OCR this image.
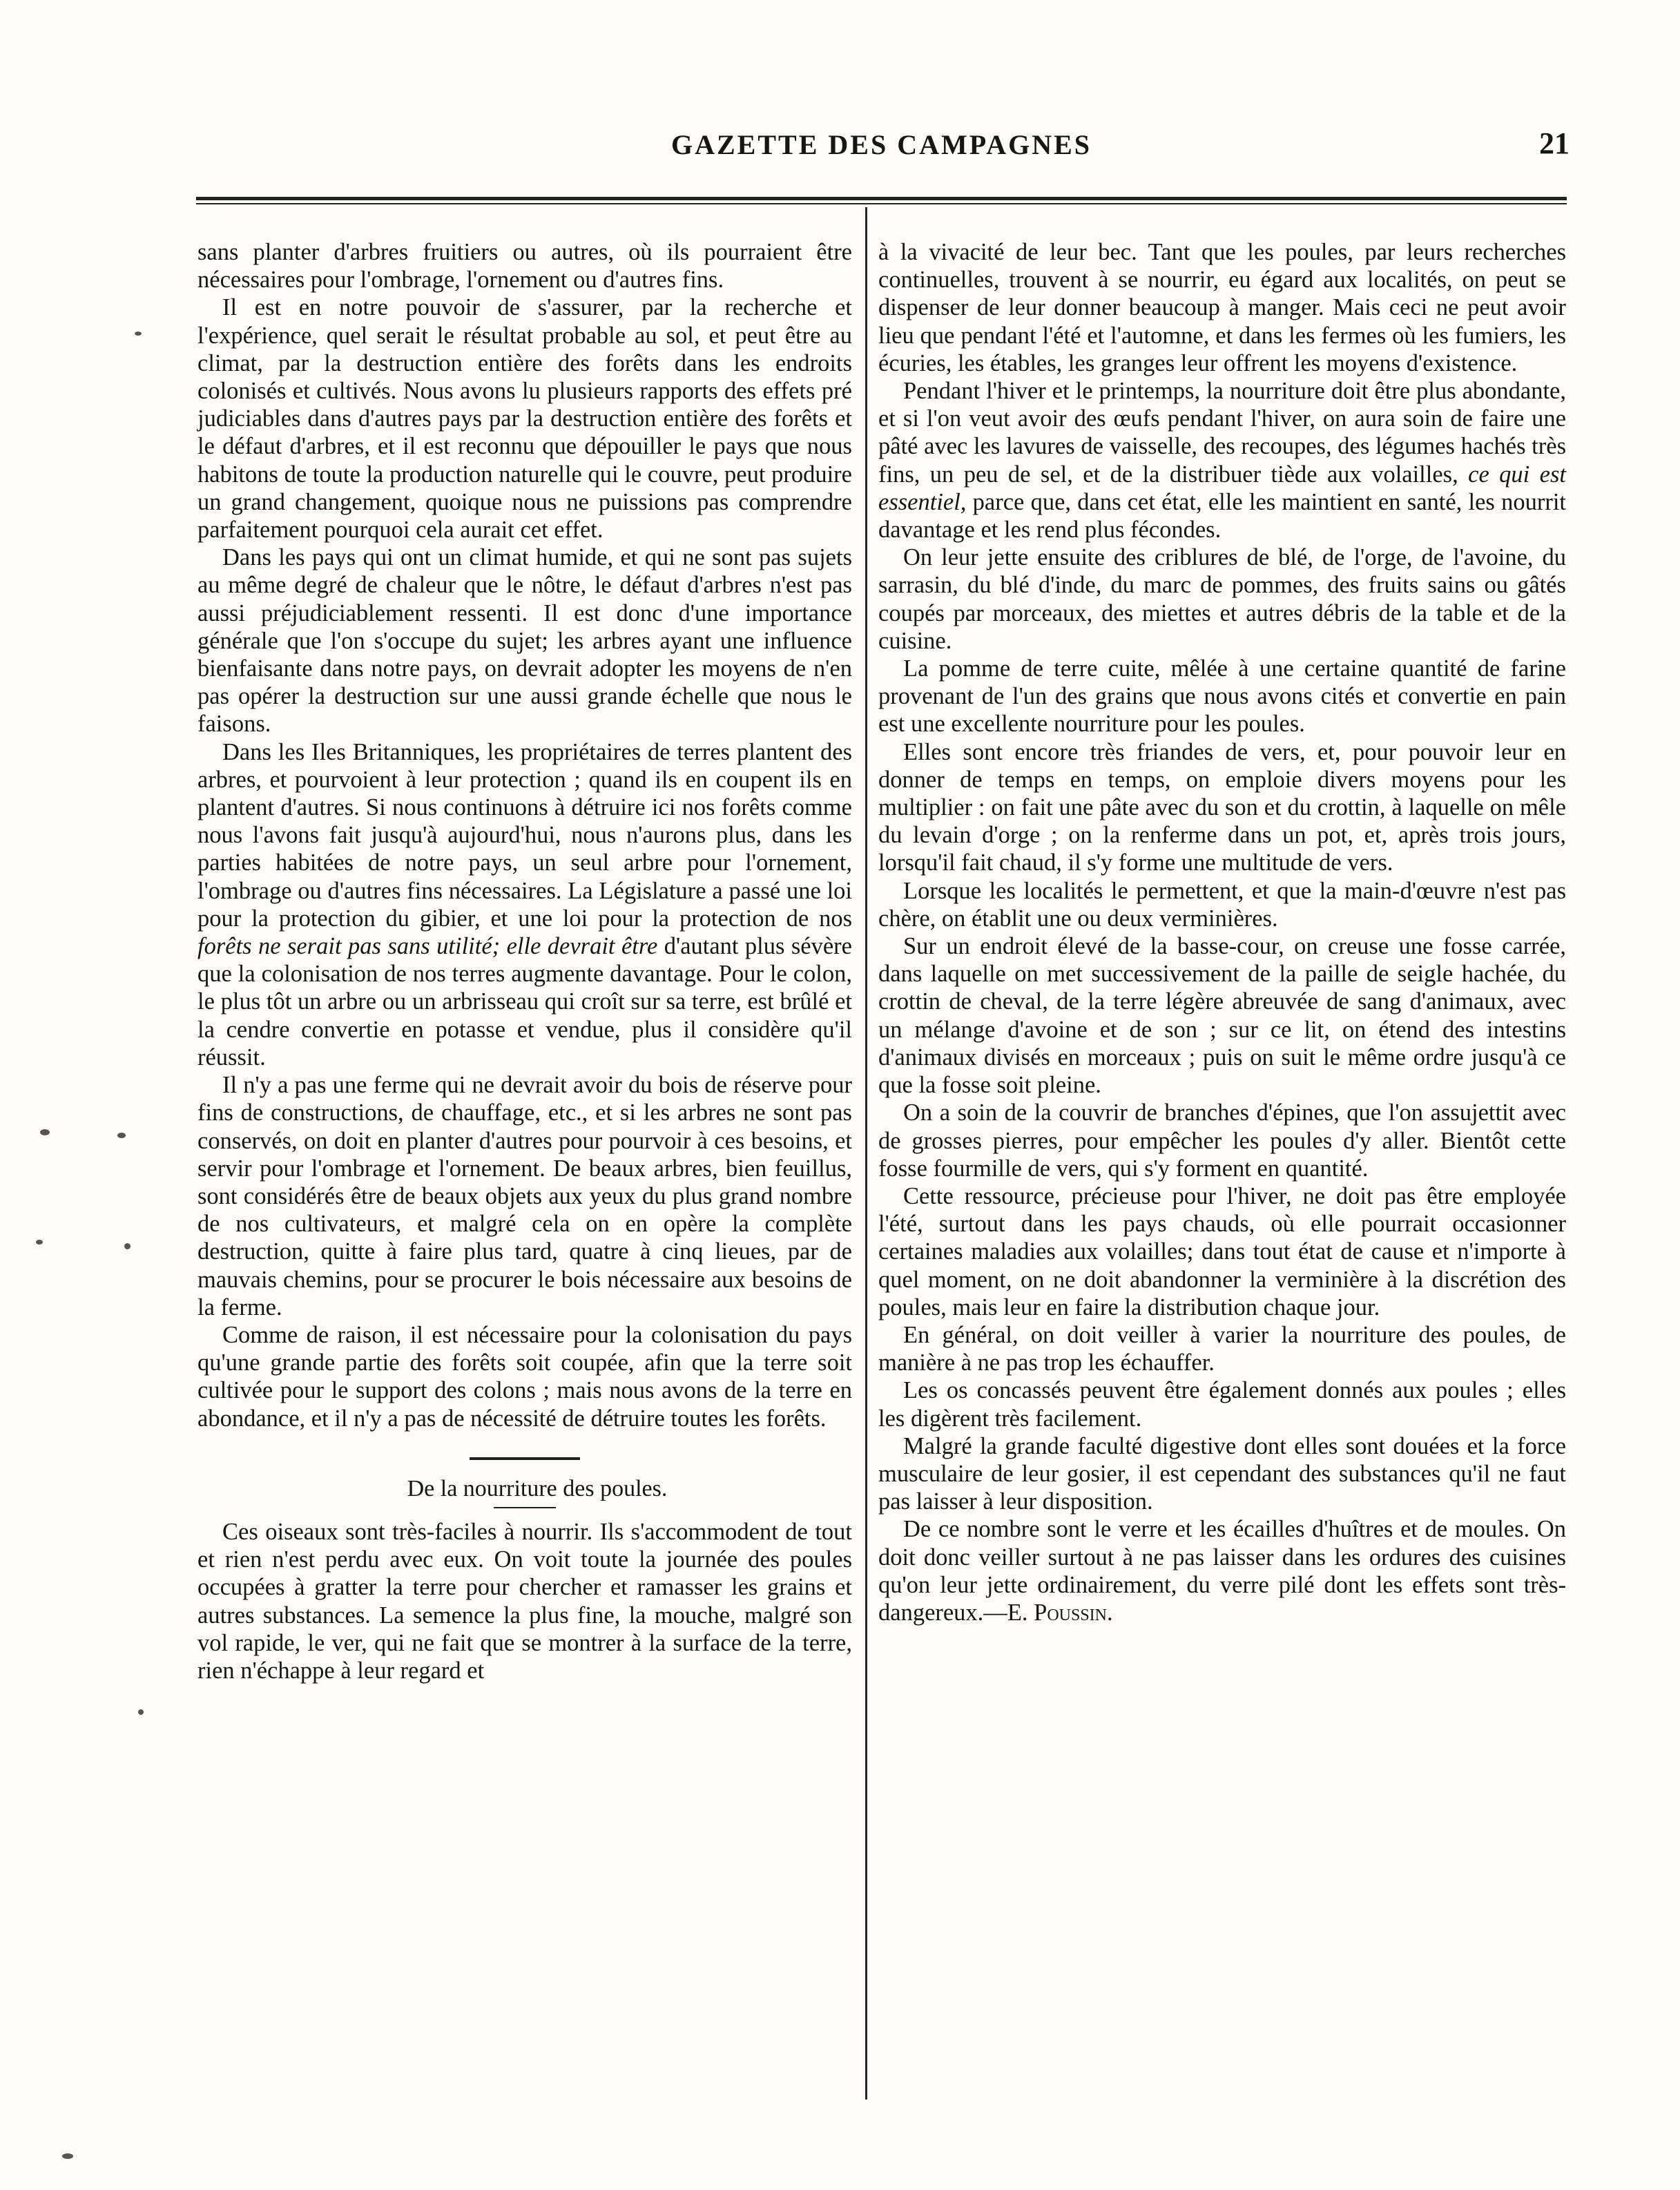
GAZETTE DES CAMPAGNES	21

sans planter d'arbres fruitiers ou autres, où ils pourraient être nécessaires pour l'ombrage, l'ornement ou d'autres fins.

Il est en notre pouvoir de s'assurer, par la recherche et l'expérience, quel serait le résultat probable au sol, et peut être au climat, par la destruction entière des forêts dans les endroits colonisés et cultivés. Nous avons lu plusieurs rapports des effets pré judiciables dans d'autres pays par la destruction entière des forêts et le défaut d'arbres, et il est reconnu que dépouiller le pays que nous habitons de toute la production naturelle qui le couvre, peut produire un grand changement, quoique nous ne puissions pas comprendre parfaitement pourquoi cela aurait cet effet.

Dans les pays qui ont un climat humide, et qui ne sont pas sujets au même degré de chaleur que le nôtre, le défaut d'arbres n'est pas aussi préjudiciablement ressenti. Il est donc d'une importance générale que l'on s'occupe du sujet; les arbres ayant une influence bienfaisante dans notre pays, on devrait adopter les moyens de n'en pas opérer la destruction sur une aussi grande échelle que nous le faisons.

Dans les Iles Britanniques, les propriétaires de terres plantent des arbres, et pourvoient à leur protection ; quand ils en coupent ils en plantent d'autres. Si nous continuons à détruire ici nos forêts comme nous l'avons fait jusqu'à aujourd'hui, nous n'aurons plus, dans les parties habitées de notre pays, un seul arbre pour l'ornement, l'ombrage ou d'autres fins nécessaires. La Législature a passé une loi pour la protection du gibier, et une loi pour la protection de nos forêts ne serait pas sans utilité; elle devrait être d'autant plus sévère que la colonisation de nos terres augmente davantage. Pour le colon, le plus tôt un arbre ou un arbrisseau qui croît sur sa terre, est brûlé et la cendre convertie en potasse et vendue, plus il considère qu'il réussit.

Il n'y a pas une ferme qui ne devrait avoir du bois de réserve pour fins de constructions, de chauffage, etc., et si les arbres ne sont pas conservés, on doit en planter d'autres pour pourvoir à ces besoins, et servir pour l'ombrage et l'ornement. De beaux arbres, bien feuillus, sont considérés être de beaux objets aux yeux du plus grand nombre de nos cultivateurs, et malgré cela on en opère la complète destruction, quitte à faire plus tard, quatre à cinq lieues, par de mauvais chemins, pour se procurer le bois nécessaire aux besoins de la ferme.

Comme de raison, il est nécessaire pour la colonisation du pays qu'une grande partie des forêts soit coupée, afin que la terre soit cultivée pour le support des colons ; mais nous avons de la terre en abondance, et il n'y a pas de nécessité de détruire toutes les forêts.

De la nourriture des poules.

Ces oiseaux sont très-faciles à nourrir. Ils s'accommodent de tout et rien n'est perdu avec eux. On voit toute la journée des poules occupées à gratter la terre pour chercher et ramasser les grains et autres substances. La semence la plus fine, la mouche, malgré son vol rapide, le ver, qui ne fait que se montrer à la surface de la terre, rien n'échappe à leur regard et

à la vivacité de leur bec. Tant que les poules, par leurs recherches continuelles, trouvent à se nourrir, eu égard aux localités, on peut se dispenser de leur donner beaucoup à manger. Mais ceci ne peut avoir lieu que pendant l'été et l'automne, et dans les fermes où les fumiers, les écuries, les étables, les granges leur offrent les moyens d'existence.

Pendant l'hiver et le printemps, la nourriture doit être plus abondante, et si l'on veut avoir des œufs pendant l'hiver, on aura soin de faire une pâté avec les lavures de vaisselle, des recoupes, des légumes hachés très fins, un peu de sel, et de la distribuer tiède aux volailles, ce qui est essentiel, parce que, dans cet état, elle les maintient en santé, les nourrit davantage et les rend plus fécondes.

On leur jette ensuite des criblures de blé, de l'orge, de l'avoine, du sarrasin, du blé d'inde, du marc de pommes, des fruits sains ou gâtés coupés par morceaux, des miettes et autres débris de la table et de la cuisine.

La pomme de terre cuite, mêlée à une certaine quantité de farine provenant de l'un des grains que nous avons cités et convertie en pain est une excellente nourriture pour les poules.

Elles sont encore très friandes de vers, et, pour pouvoir leur en donner de temps en temps, on emploie divers moyens pour les multiplier : on fait une pâte avec du son et du crottin, à laquelle on mêle du levain d'orge ; on la renferme dans un pot, et, après trois jours, lorsqu'il fait chaud, il s'y forme une multitude de vers.

Lorsque les localités le permettent, et que la main-d'œuvre n'est pas chère, on établit une ou deux verminières.

Sur un endroit élevé de la basse-cour, on creuse une fosse carrée, dans laquelle on met successivement de la paille de seigle hachée, du crottin de cheval, de la terre légère abreuvée de sang d'animaux, avec un mélange d'avoine et de son ; sur ce lit, on étend des intestins d'animaux divisés en morceaux ; puis on suit le même ordre jusqu'à ce que la fosse soit pleine.

On a soin de la couvrir de branches d'épines, que l'on assujettit avec de grosses pierres, pour empêcher les poules d'y aller. Bientôt cette fosse fourmille de vers, qui s'y forment en quantité.

Cette ressource, précieuse pour l'hiver, ne doit pas être employée l'été, surtout dans les pays chauds, où elle pourrait occasionner certaines maladies aux volailles; dans tout état de cause et n'importe à quel moment, on ne doit abandonner la verminière à la discrétion des poules, mais leur en faire la distribution chaque jour.

En général, on doit veiller à varier la nourriture des poules, de manière à ne pas trop les échauffer.

Les os concassés peuvent être également donnés aux poules ; elles les digèrent très facilement.

Malgré la grande faculté digestive dont elles sont douées et la force musculaire de leur gosier, il est cependant des substances qu'il ne faut pas laisser à leur disposition.

De ce nombre sont le verre et les écailles d'huîtres et de moules. On doit donc veiller surtout à ne pas laisser dans les ordures des cuisines qu'on leur jette ordinairement, du verre pilé dont les effets sont très-dangereux.—E. Poussin.
